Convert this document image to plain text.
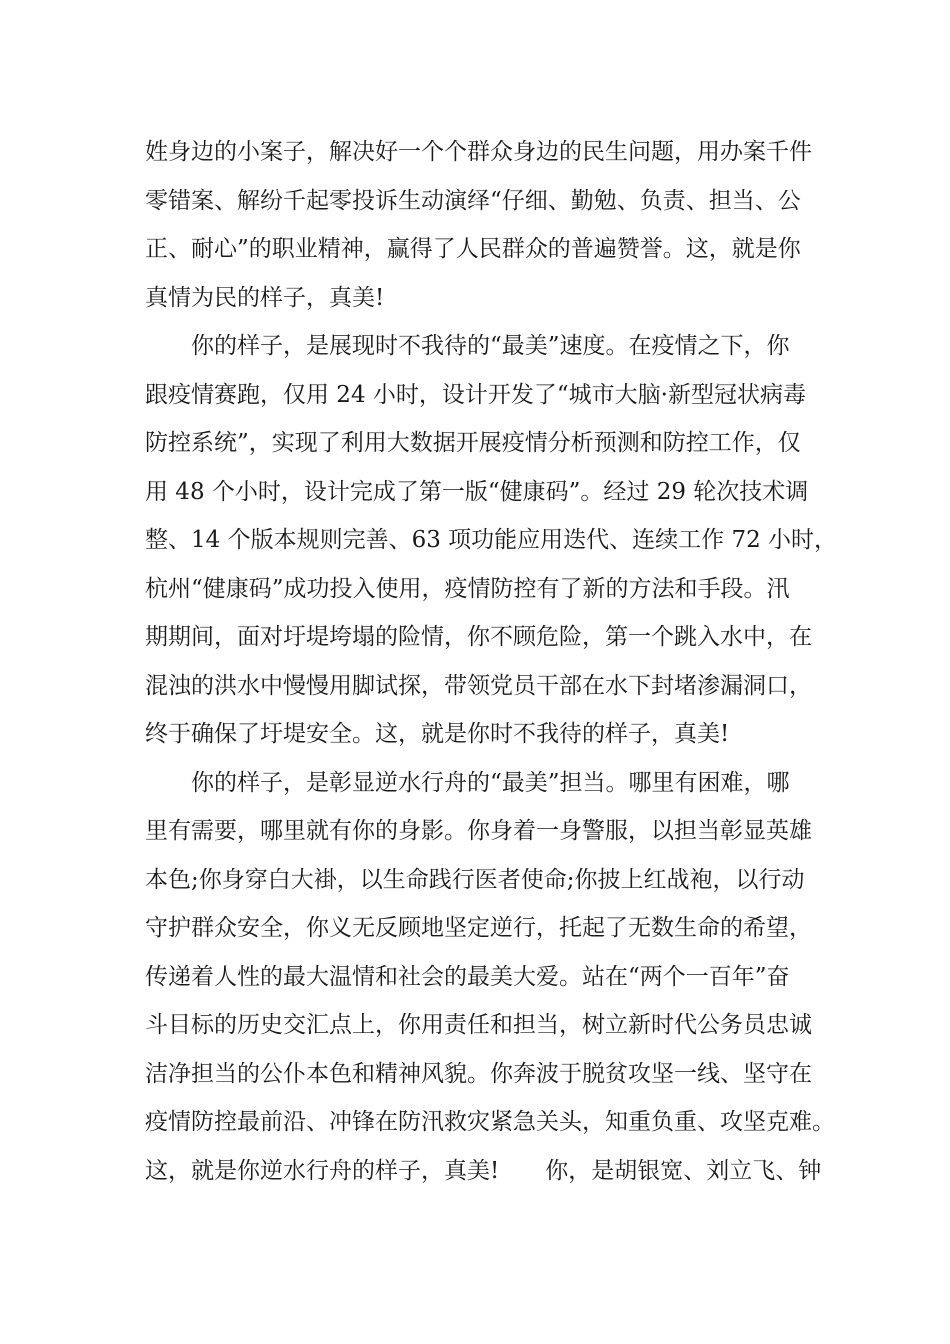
姓身边的小案子，解决好一个个群众身边的民生问题，用办案千件
零错案、解纷千起零投诉生动演绎“仔细、勤勉、负责、担当、公
正、耐心”的职业精神，赢得了人民群众的普遍赞誉。这，就是你
真情为民的样子，真美!
你的样子，是展现时不我待的“最美”速度。在疫情之下，你
跟疫情赛跑，仅用 24 小时，设计开发了“城市大脑·新型冠状病毒
防控系统”，实现了利用大数据开展疫情分析预测和防控工作，仅
用 48 个小时，设计完成了第一版“健康码”。经过 29 轮次技术调
整、14 个版本规则完善、63 项功能应用迭代、连续工作 72 小时，
杭州“健康码”成功投入使用，疫情防控有了新的方法和手段。汛
期期间，面对圩堤垮塌的险情，你不顾危险，第一个跳入水中，在
混浊的洪水中慢慢用脚试探，带领党员干部在水下封堵渗漏洞口，
终于确保了圩堤安全。这，就是你时不我待的样子，真美!
你的样子，是彰显逆水行舟的“最美”担当。哪里有困难，哪
里有需要，哪里就有你的身影。你身着一身警服，以担当彰显英雄
本色;你身穿白大褂，以生命践行医者使命;你披上红战袍，以行动
守护群众安全，你义无反顾地坚定逆行，托起了无数生命的希望，
传递着人性的最大温情和社会的最美大爱。站在“两个一百年”奋
斗目标的历史交汇点上，你用责任和担当，树立新时代公务员忠诚
洁净担当的公仆本色和精神风貌。你奔波于脱贫攻坚一线、坚守在
疫情防控最前沿、冲锋在防汛救灾紧急关头，知重负重、攻坚克难。
这，就是你逆水行舟的样子，真美!　　你，是胡银宽、刘立飞、钟
